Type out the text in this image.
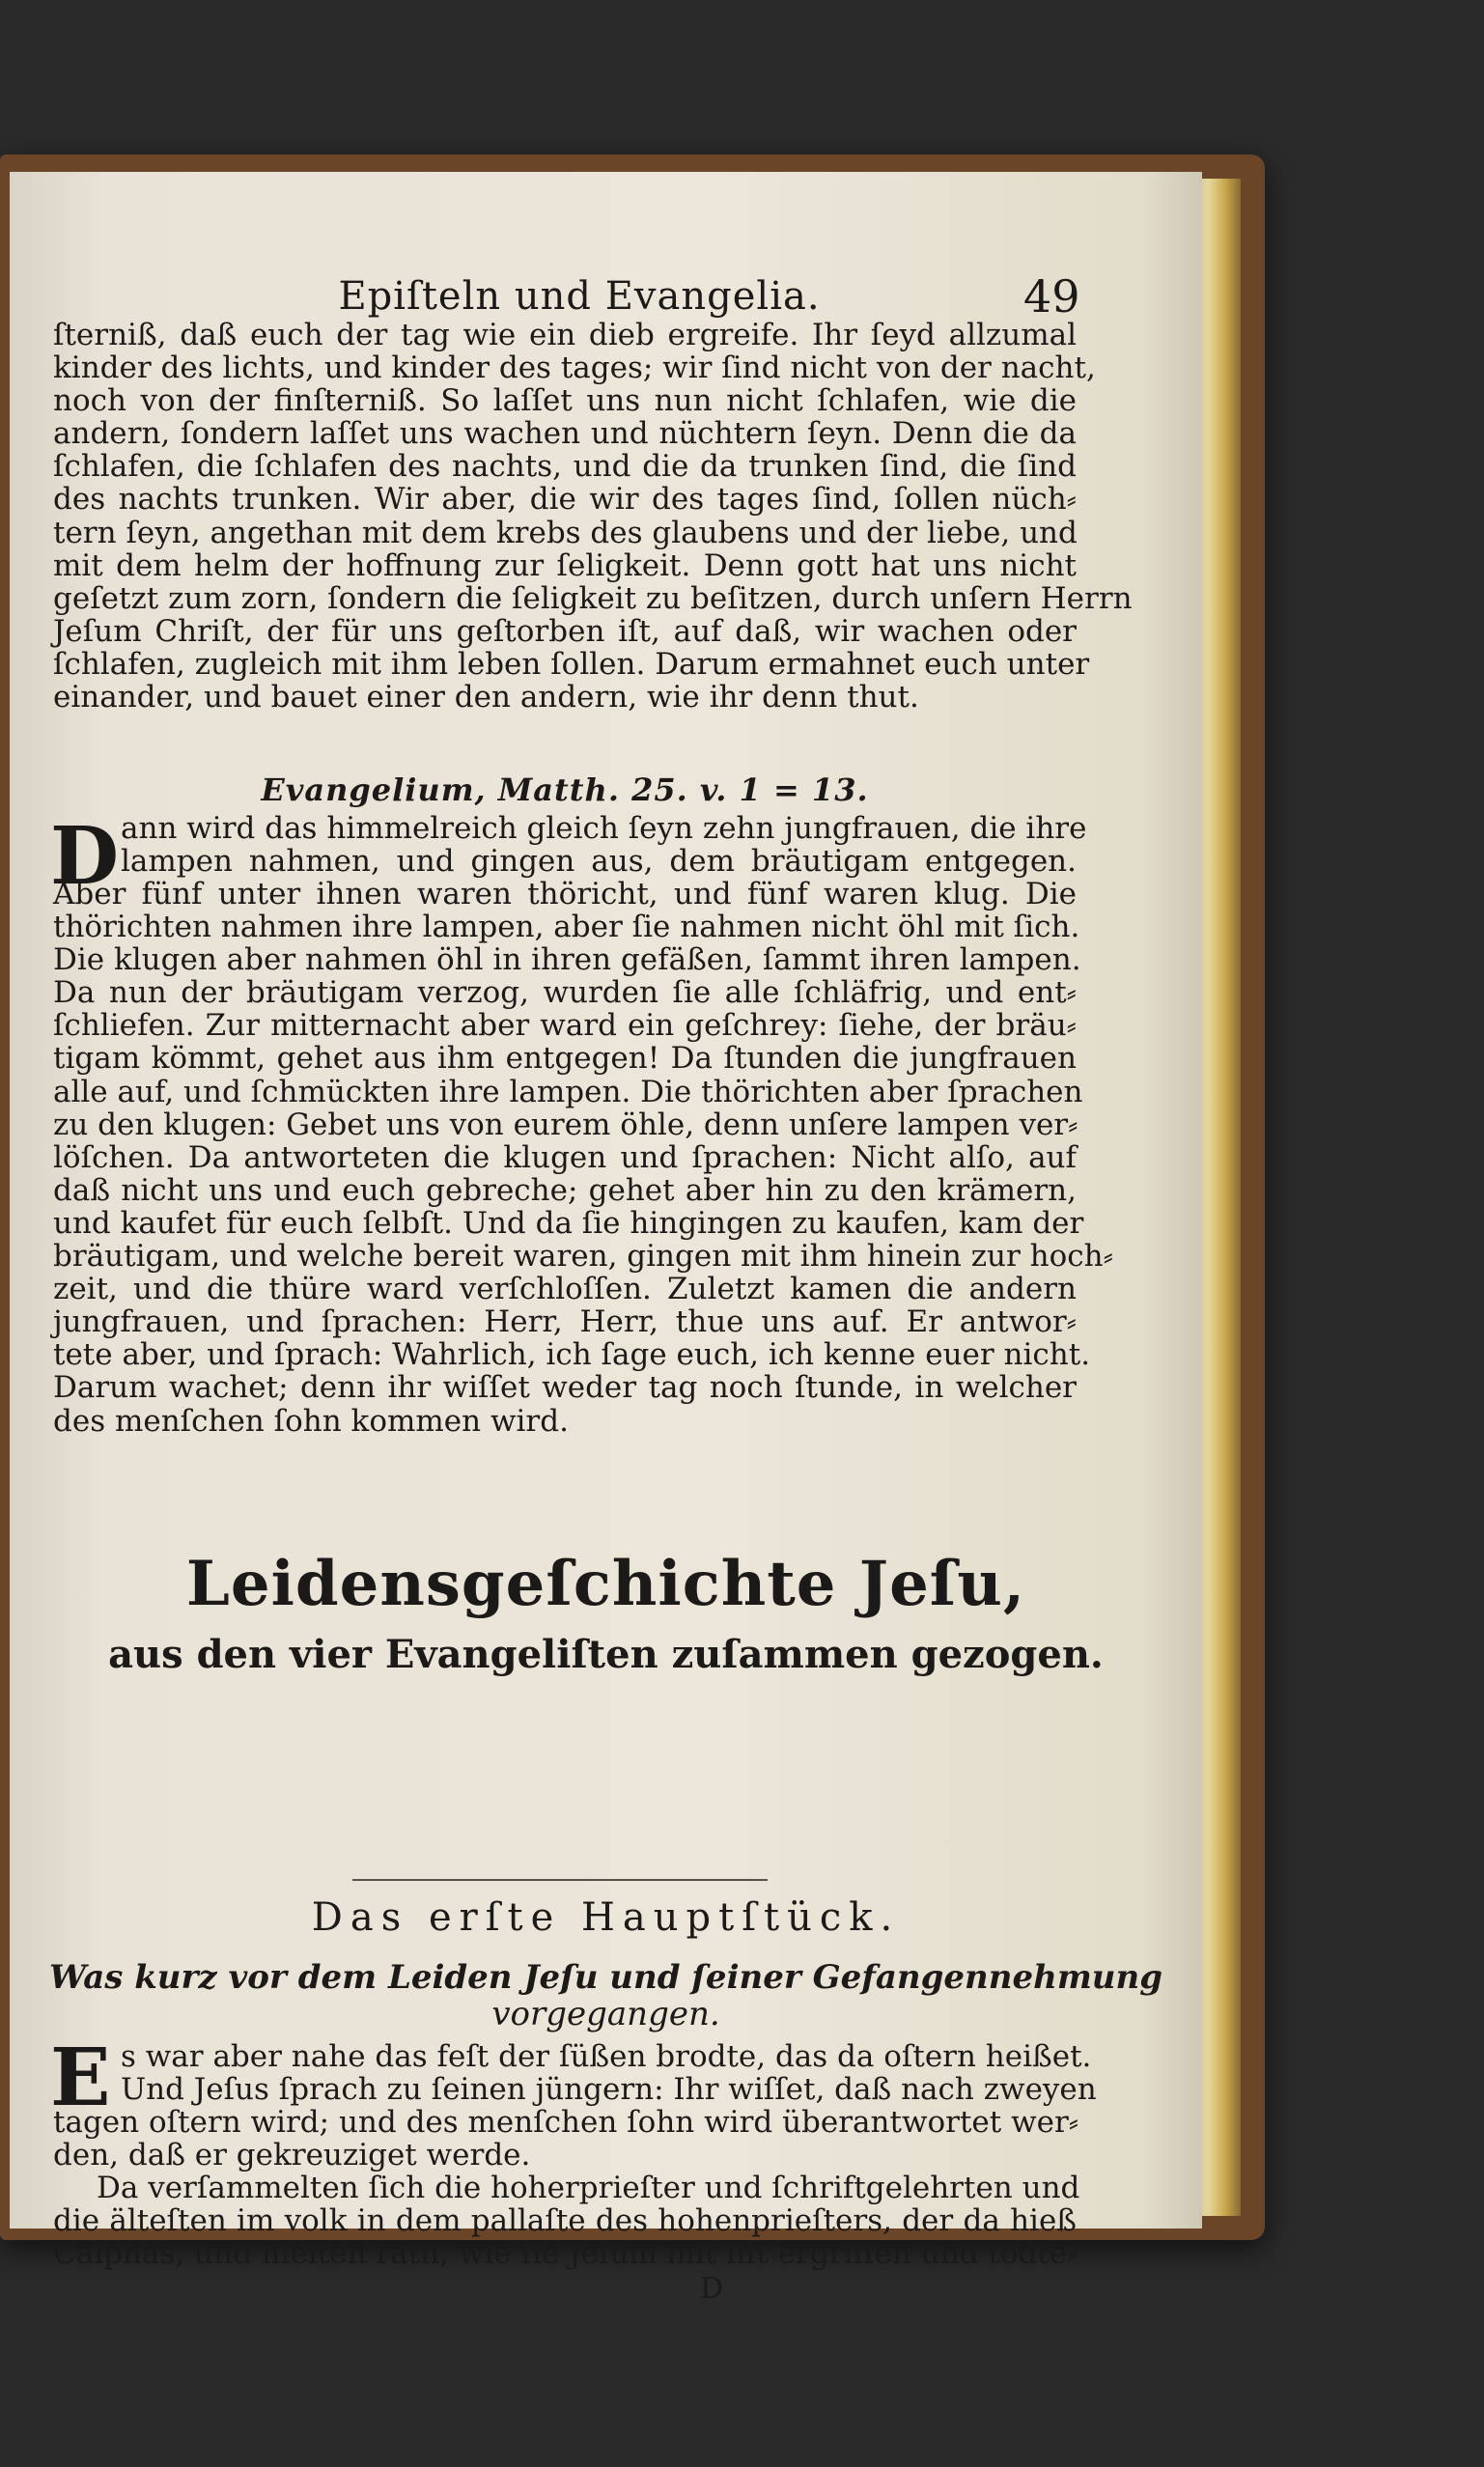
Epiſteln und Evangelia.	49
ſterniß, daß euch der tag wie ein dieb ergreife. Ihr ſeyd allzumal
kinder des lichts, und kinder des tages; wir ſind nicht von der nacht,
noch von der finſterniß. So laſſet uns nun nicht ſchlafen, wie die
andern, ſondern laſſet uns wachen und nüchtern ſeyn. Denn die da
ſchlafen, die ſchlafen des nachts, und die da trunken ſind, die ſind
des nachts trunken. Wir aber, die wir des tages ſind, ſollen nüch⸗
tern ſeyn, angethan mit dem krebs des glaubens und der liebe, und
mit dem helm der hoffnung zur ſeligkeit. Denn gott hat uns nicht
geſetzt zum zorn, ſondern die ſeligkeit zu beſitzen, durch unſern Herrn
Jeſum Chriſt, der für uns geſtorben iſt, auf daß, wir wachen oder
ſchlafen, zugleich mit ihm leben ſollen. Darum ermahnet euch unter
einander, und bauet einer den andern, wie ihr denn thut.
Evangelium, Matth. 25. v. 1 = 13.
D ann wird das himmelreich gleich ſeyn zehn jungfrauen, die ihre
lampen nahmen, und gingen aus, dem bräutigam entgegen.
Aber fünf unter ihnen waren thöricht, und fünf waren klug. Die
thörichten nahmen ihre lampen, aber ſie nahmen nicht öhl mit ſich.
Die klugen aber nahmen öhl in ihren gefäßen, ſammt ihren lampen.
Da nun der bräutigam verzog, wurden ſie alle ſchläfrig, und ent⸗
ſchliefen. Zur mitternacht aber ward ein geſchrey: ſiehe, der bräu⸗
tigam kömmt, gehet aus ihm entgegen! Da ſtunden die jungfrauen
alle auf, und ſchmückten ihre lampen. Die thörichten aber ſprachen
zu den klugen: Gebet uns von eurem öhle, denn unſere lampen ver⸗
löſchen. Da antworteten die klugen und ſprachen: Nicht alſo, auf
daß nicht uns und euch gebreche; gehet aber hin zu den krämern,
und kaufet für euch ſelbſt. Und da ſie hingingen zu kaufen, kam der
bräutigam, und welche bereit waren, gingen mit ihm hinein zur hoch⸗
zeit, und die thüre ward verſchloſſen. Zuletzt kamen die andern
jungfrauen, und ſprachen: Herr, Herr, thue uns auf. Er antwor⸗
tete aber, und ſprach: Wahrlich, ich ſage euch, ich kenne euer nicht.
Darum wachet; denn ihr wiſſet weder tag noch ſtunde, in welcher
des menſchen ſohn kommen wird.
Leidensgeſchichte Jeſu,
aus den vier Evangeliſten zuſammen gezogen.
Das erſte Hauptſtück.
Was kurz vor dem Leiden Jeſu und ſeiner Gefangennehmung
vorgegangen.
E s war aber nahe das feſt der ſüßen brodte, das da oſtern heißet.
Und Jeſus ſprach zu ſeinen jüngern: Ihr wiſſet, daß nach zweyen
tagen oſtern wird; und des menſchen ſohn wird überantwortet wer⸗
den, daß er gekreuziget werde.
Da verſammelten ſich die hoherprieſter und ſchriftgelehrten und
die älteſten im volk in dem pallaſte des hohenprieſters, der da hieß
Caiphas, und hielten rath, wie ſie Jeſum mit liſt ergriffen und tödte⸗
D
